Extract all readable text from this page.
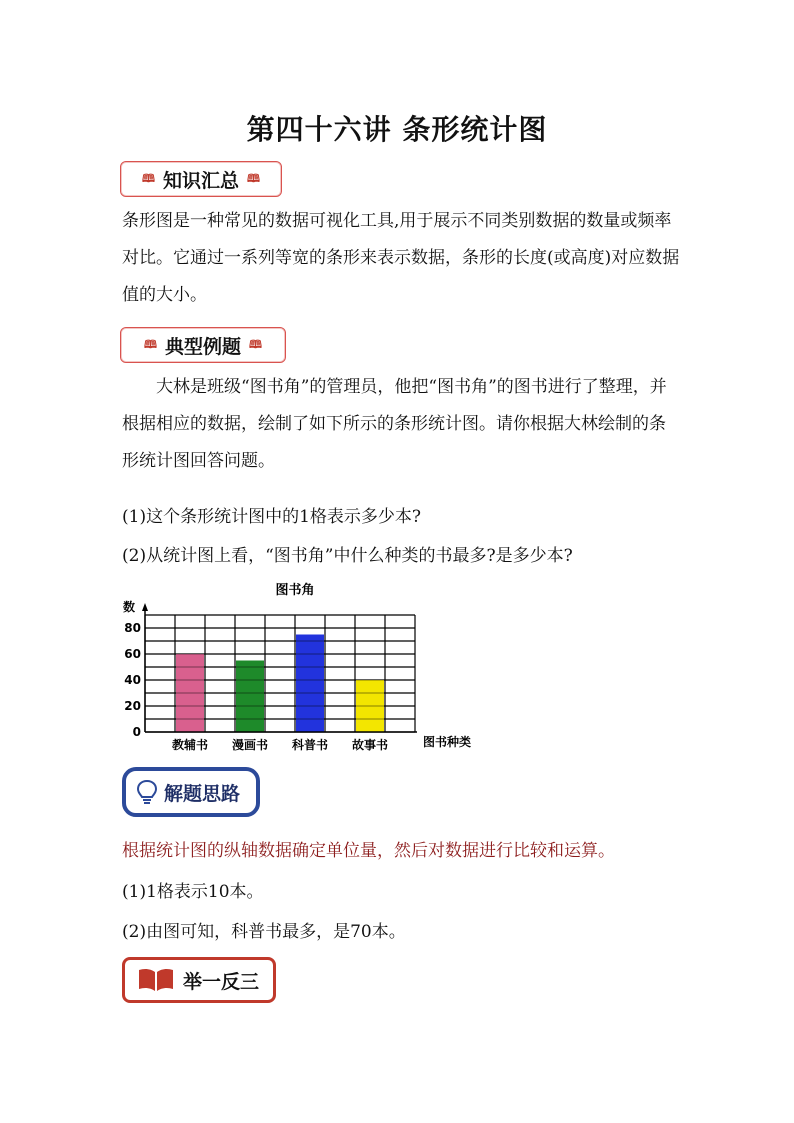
第四十六讲 条形统计图
🕮 知识汇总 🕮
条形图是一种常见的数据可视化工具,用于展示不同类别数据的数量或频率对比。它通过一系列等宽的条形来表示数据，条形的长度(或高度)对应数据值的大小。
🕮 典型例题 🕮
大林是班级“图书角”的管理员，他把“图书角”的图书进行了整理，并根据相应的数据，绘制了如下所示的条形统计图。请你根据大林绘制的条形统计图回答问题。
(1)这个条形统计图中的1格表示多少本?
(2)从统计图上看，“图书角”中什么种类的书最多?是多少本?
图书角
数
0
20
40
60
80
教辅书 漫画书 科普书 故事书	图书种类
解题思路
根据统计图的纵轴数据确定单位量，然后对数据进行比较和运算。
(1)1格表示10本。
(2)由图可知，科普书最多，是70本。
举一反三
